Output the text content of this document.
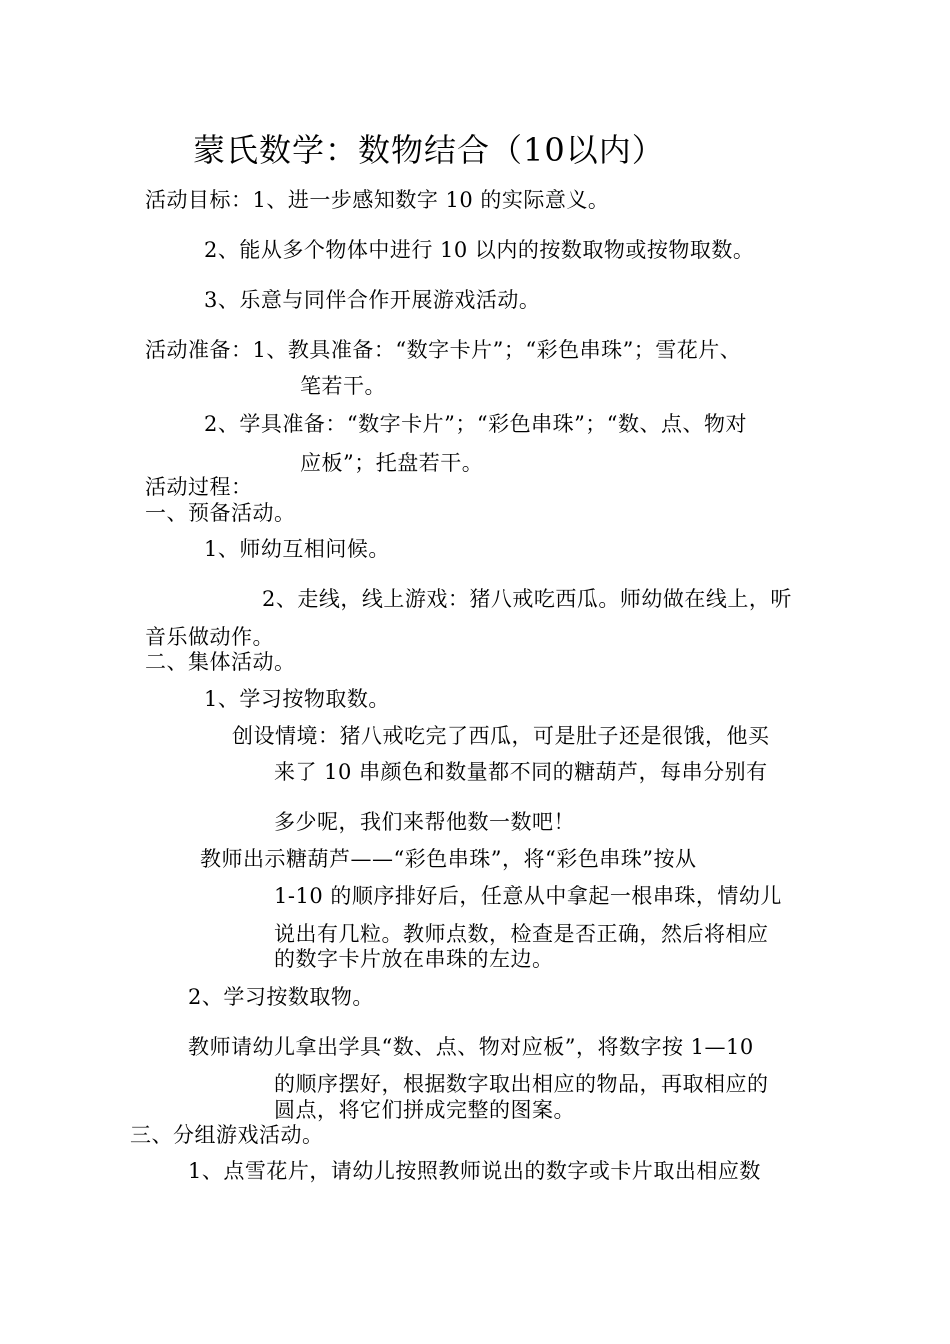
蒙氏数学：数物结合（10以内）
活动目标：1、进一步感知数字 10 的实际意义。
2、能从多个物体中进行 10 以内的按数取物或按物取数。
3、乐意与同伴合作开展游戏活动。
活动准备：1、教具准备：“数字卡片”；“彩色串珠”；雪花片、
笔若干。
2、学具准备：“数字卡片”；“彩色串珠”；“数、点、物对
应板”；托盘若干。
活动过程：
一、预备活动。
1、师幼互相问候。
2、走线，线上游戏：猪八戒吃西瓜。师幼做在线上，听
音乐做动作。
二、集体活动。
1、学习按物取数。
创设情境：猪八戒吃完了西瓜，可是肚子还是很饿，他买
来了 10 串颜色和数量都不同的糖葫芦，每串分别有
多少呢，我们来帮他数一数吧！
教师出示糖葫芦——“彩色串珠”，将“彩色串珠”按从
1-10 的顺序排好后，任意从中拿起一根串珠，情幼儿
说出有几粒。教师点数，检查是否正确，然后将相应
的数字卡片放在串珠的左边。
2、学习按数取物。
教师请幼儿拿出学具“数、点、物对应板”，将数字按 1—10
的顺序摆好，根据数字取出相应的物品，再取相应的
圆点，将它们拼成完整的图案。
三、分组游戏活动。
1、点雪花片，请幼儿按照教师说出的数字或卡片取出相应数
